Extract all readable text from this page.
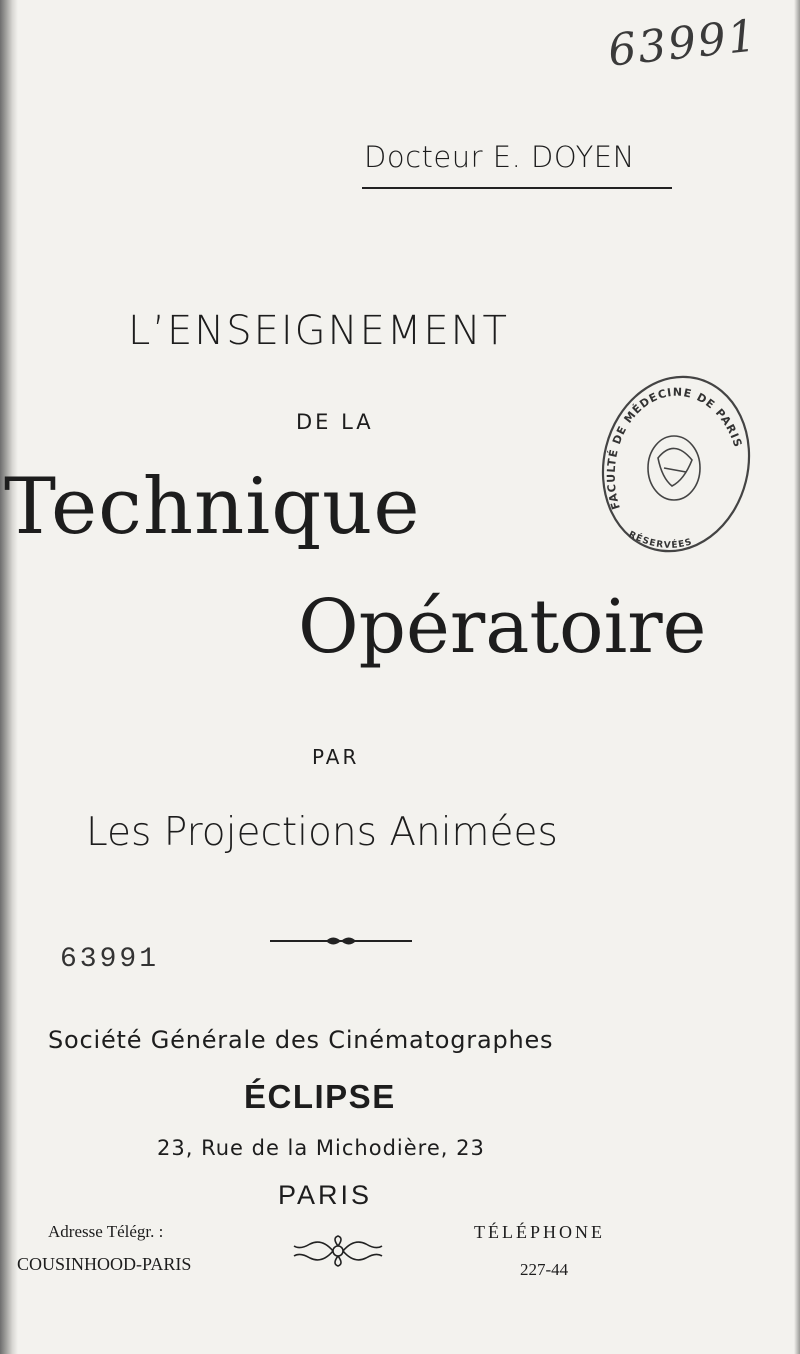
63991
Docteur E. DOYEN
L’ENSEIGNEMENT
DE LA
Technique
Opératoire
PAR
Les Projections Animées
FACULTÉ DE MÉDECINE DE PARIS
RÉSERVÉES
63991
Société Générale des Cinématographes
ÉCLIPSE
23, Rue de la Michodière, 23
PARIS
Adresse Télégr. :
COUSINHOOD-PARIS
TÉLÉPHONE
227-44
